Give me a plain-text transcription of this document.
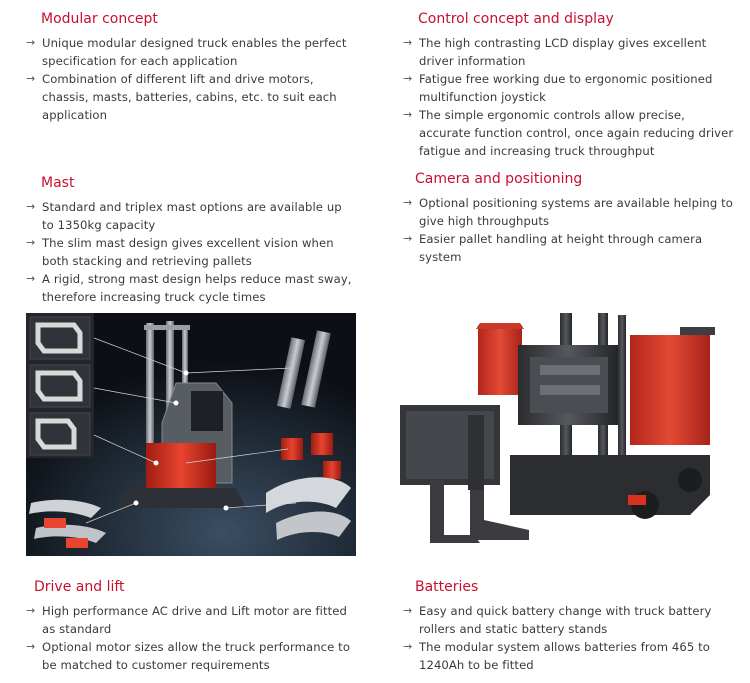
Modular concept
→ Unique modular designed truck enables the perfect specification for each application
→ Combination of different lift and drive motors, chassis, masts, batteries, cabins, etc. to suit each application
Control concept and display
→ The high contrasting LCD display gives excellent driver information
→ Fatigue free working due to ergonomic positioned multifunction joystick
→ The simple ergonomic controls allow precise, accurate function control, once again reducing driver fatigue and increasing truck throughput
Mast
→ Standard and triplex mast options are available up to 1350kg capacity
→ The slim mast design gives excellent vision when both stacking and retrieving pallets
→ A rigid, strong mast design helps reduce mast sway, therefore increasing truck cycle times
Camera and positioning
→ Optional positioning systems are available helping to give high throughputs
→ Easier pallet handling at height through camera system
Drive and lift
→ High performance AC drive and Lift motor are fitted as standard
→ Optional motor sizes allow the truck performance to be matched to customer requirements
Batteries
→ Easy and quick battery change with truck battery rollers and static battery stands
→ The modular system allows batteries from 465 to 1240Ah to be fitted
